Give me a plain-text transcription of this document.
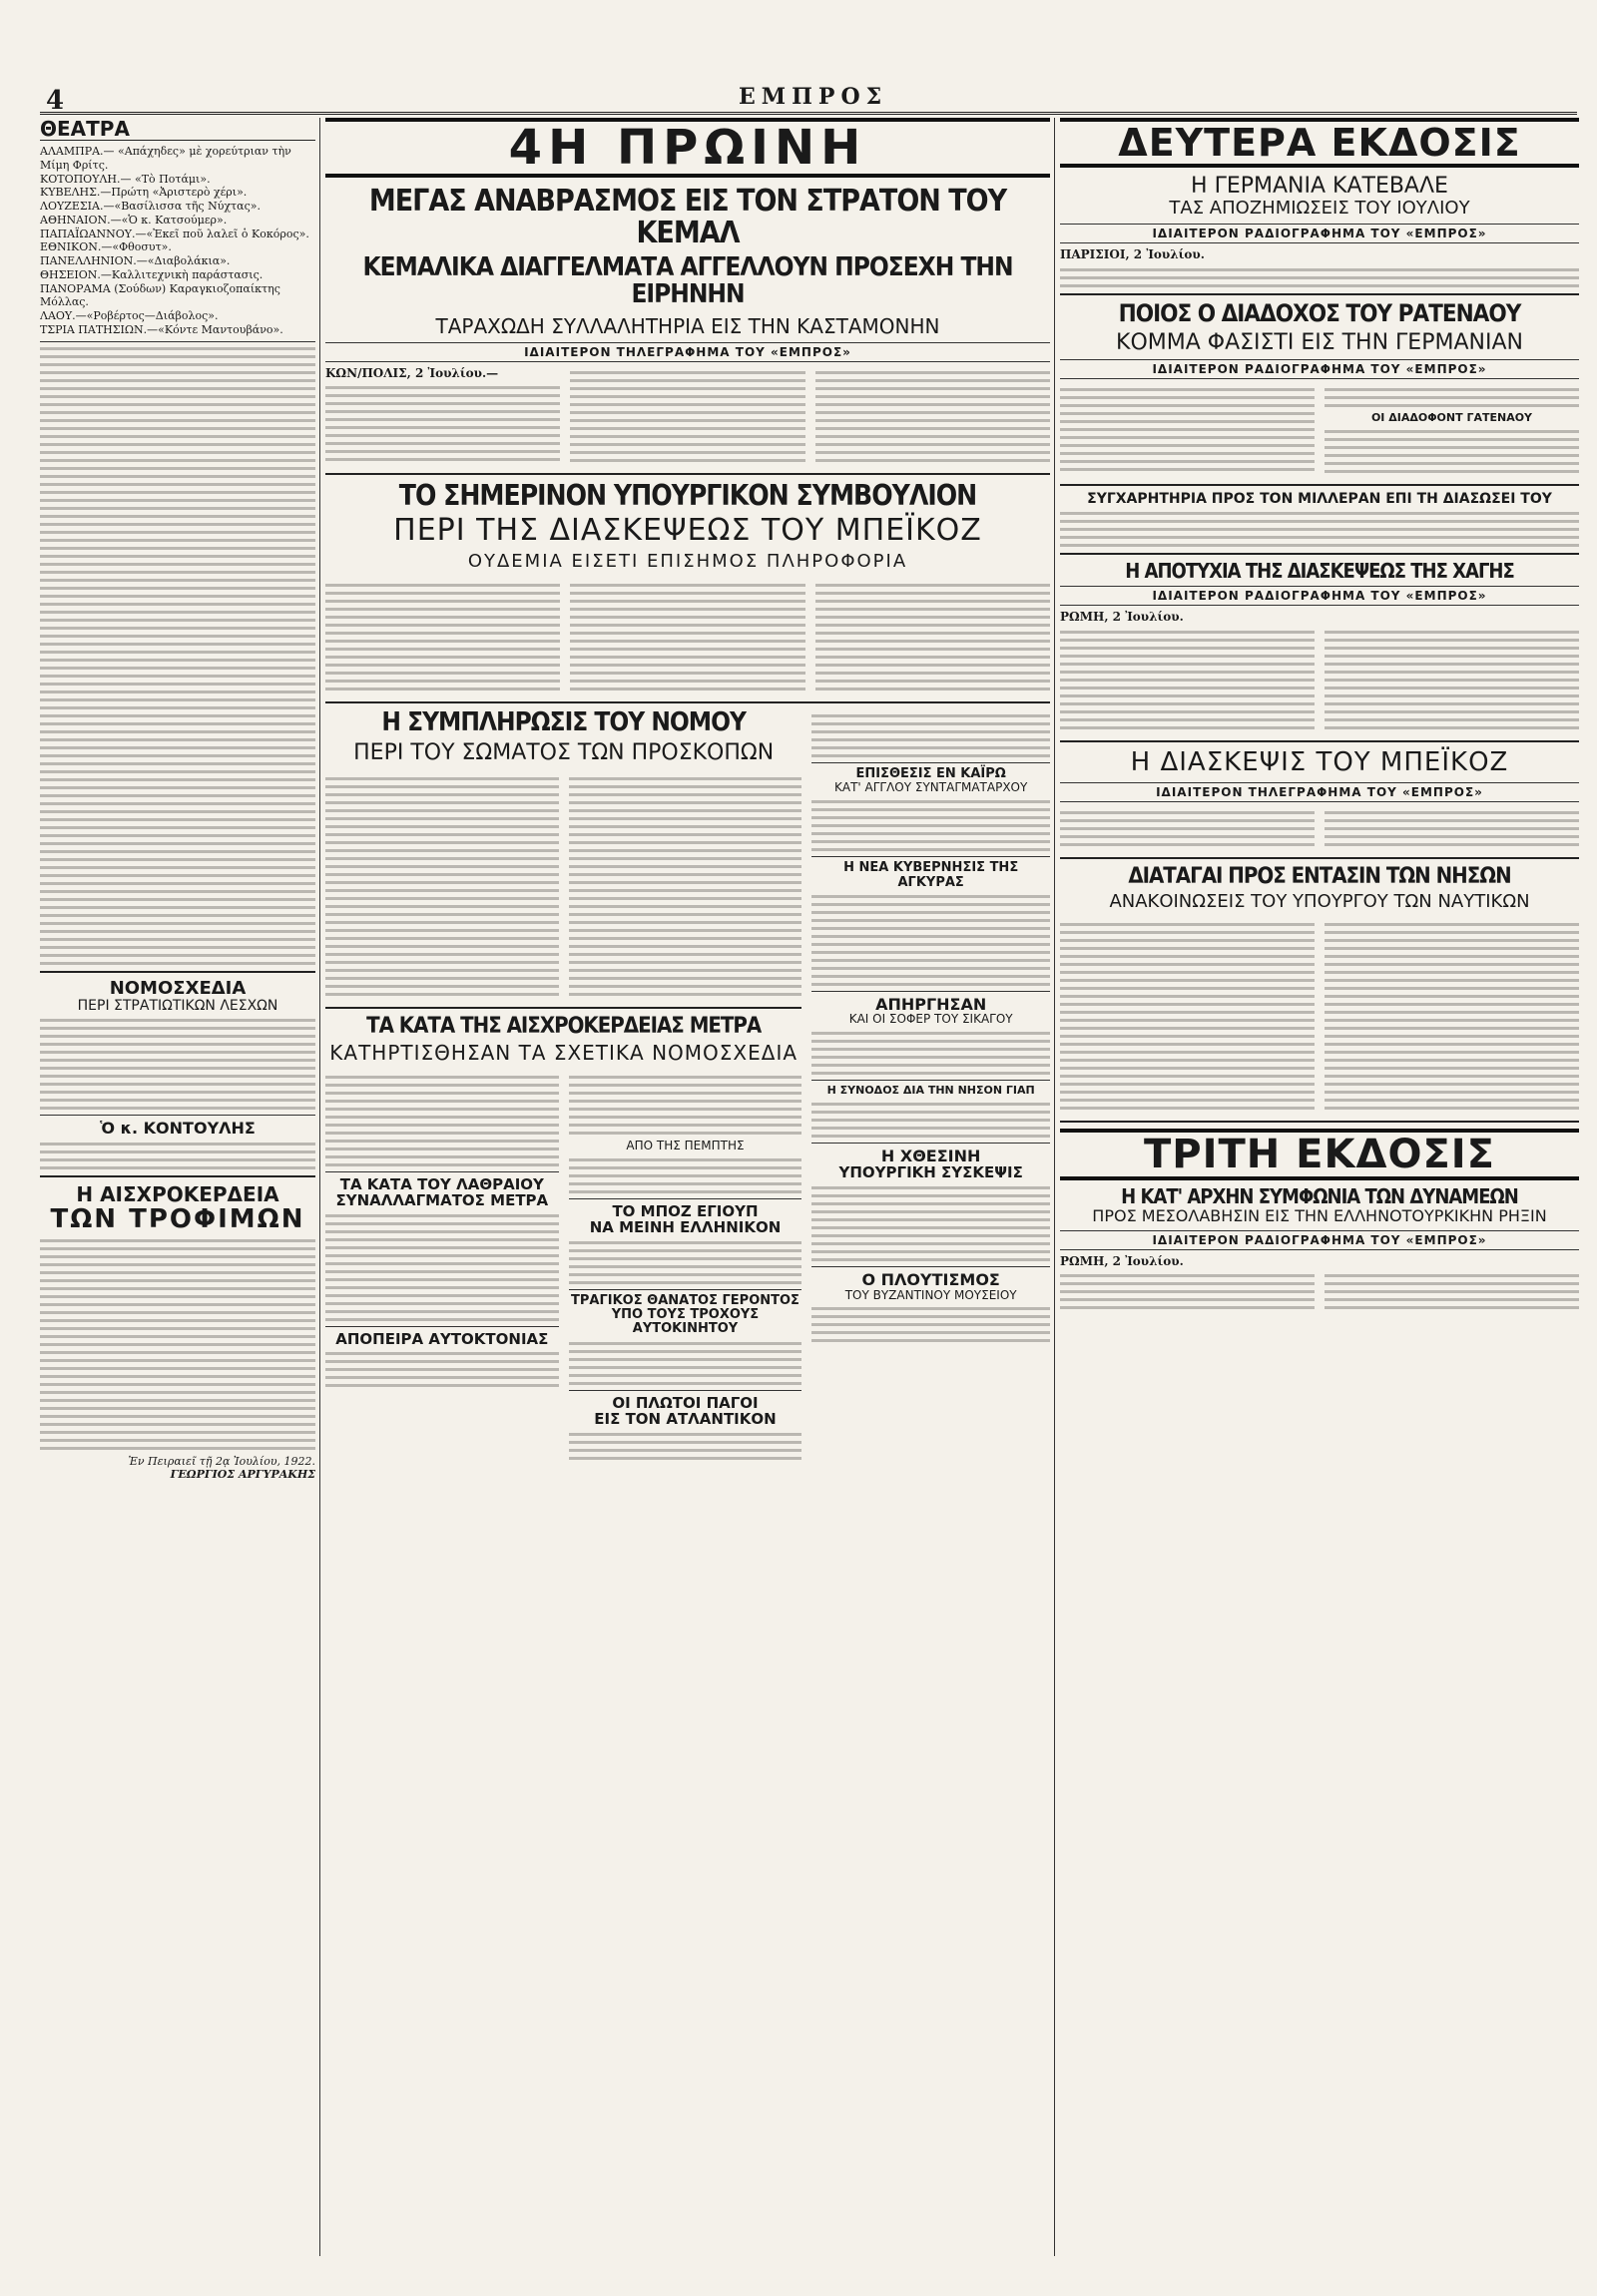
4	ΕΜΠΡΟΣ
ΘΕΑΤΡΑ
ΑΛΑΜΠΡΑ.— «Απάχηδες» μὲ χορεύτριαν τὴν Μίμη Φρίτς.
ΚΟΤΟΠΟΥΛΗ.— «Τὸ Ποτάμι».
ΚΥΒΕΛΗΣ.—Πρώτη «Ἀριστερὸ χέρι».
ΛΟΥΖΕΣΙΑ.—«Βασίλισσα τῆς Νύχτας».
ΑΘΗΝΑΙΟΝ.—«Ὁ κ. Κατσούμερ».
ΠΑΠΑΪΩΑΝΝΟΥ.—«Ἐκεῖ ποῦ λαλεῖ ὁ Κοκόρος».
ΕΘΝΙΚΟΝ.—«Φθοσυτ».
ΠΑΝΕΛΛΗΝΙΟΝ.—«Διαβολάκια».
ΘΗΣΕΙΟΝ.—Καλλιτεχνικὴ παράστασις.
ΠΑΝΟΡΑΜΑ (Σούδων) Καραγκιοζοπαίκτης Μόλλας.
ΛΑΟΥ.—«Ροβέρτος—Διάβολος».
ΤΣΡΙΑ ΠΑΤΗΣΙΩΝ.—«Κόντε Μαντουβάνο».
ΝΟΜΟΣΧΕΔΙΑ
ΠΕΡΙ ΣΤΡΑΤΙΩΤΙΚΩΝ ΛΕΣΧΩΝ
Ὁ κ. ΚΟΝΤΟΥΛΗΣ
Η ΑΙΣΧΡΟΚΕΡΔΕΙΑ
ΤΩΝ ΤΡΟΦΙΜΩΝ
Ἐν Πειραιεῖ τῇ 2ᾳ Ἰουλίου, 1922.
ΓΕΩΡΓΙΟΣ ΑΡΓΥΡΑΚΗΣ
4Η ΠΡΩΙΝΗ
ΜΕΓΑΣ ΑΝΑΒΡΑΣΜΟΣ ΕΙΣ ΤΟΝ ΣΤΡΑΤΟΝ ΤΟΥ ΚΕΜΑΛ
ΚΕΜΑΛΙΚΑ ΔΙΑΓΓΕΛΜΑΤΑ ΑΓΓΕΛΛΟΥΝ ΠΡΟΣΕΧΗ ΤΗΝ ΕΙΡΗΝΗΝ
ΤΑΡΑΧΩΔΗ ΣΥΛΛΑΛΗΤΗΡΙΑ ΕΙΣ ΤΗΝ ΚΑΣΤΑΜΟΝΗΝ
ΙΔΙΑΙΤΕΡΟΝ ΤΗΛΕΓΡΑΦΗΜΑ ΤΟΥ «ΕΜΠΡΟΣ»
ΚΩΝ/ΠΟΛΙΣ, 2 Ἰουλίου.—
ΤΟ ΣΗΜΕΡΙΝΟΝ ΥΠΟΥΡΓΙΚΟΝ ΣΥΜΒΟΥΛΙΟΝ
ΠΕΡΙ ΤΗΣ ΔΙΑΣΚΕΨΕΩΣ ΤΟΥ ΜΠΕΪΚΟΖ
ΟΥΔΕΜΙΑ ΕΙΣΕΤΙ ΕΠΙΣΗΜΟΣ ΠΛΗΡΟΦΟΡΙΑ
Η ΣΥΜΠΛΗΡΩΣΙΣ ΤΟΥ ΝΟΜΟΥ
ΠΕΡΙ ΤΟΥ ΣΩΜΑΤΟΣ ΤΩΝ ΠΡΟΣΚΟΠΩΝ
ΤΑ ΚΑΤΑ ΤΗΣ ΑΙΣΧΡΟΚΕΡΔΕΙΑΣ ΜΕΤΡΑ
ΚΑΤΗΡΤΙΣΘΗΣΑΝ ΤΑ ΣΧΕΤΙΚΑ ΝΟΜΟΣΧΕΔΙΑ
ΤΑ ΚΑΤΑ ΤΟΥ ΛΑΘΡΑΙΟΥ
ΣΥΝΑΛΛΑΓΜΑΤΟΣ ΜΕΤΡΑ
ΑΠΟΠΕΙΡΑ ΑΥΤΟΚΤΟΝΙΑΣ
ΑΠΟ ΤΗΣ ΠΕΜΠΤΗΣ
ΤΟ ΜΠΟΖ ΕΓΙΟΥΠ
ΝΑ ΜΕΙΝΗ ΕΛΛΗΝΙΚΟΝ
ΤΡΑΓΙΚΟΣ ΘΑΝΑΤΟΣ ΓΕΡΟΝΤΟΣ
ΥΠΟ ΤΟΥΣ ΤΡΟΧΟΥΣ ΑΥΤΟΚΙΝΗΤΟΥ
ΟΙ ΠΛΩΤΟΙ ΠΑΓΟΙ
ΕΙΣ ΤΟΝ ΑΤΛΑΝΤΙΚΟΝ
ΕΠΙΣΘΕΣΙΣ ΕΝ ΚΑΪΡΩ
ΚΑΤ' ΑΓΓΛΟΥ ΣΥΝΤΑΓΜΑΤΑΡΧΟΥ
Η ΝΕΑ ΚΥΒΕΡΝΗΣΙΣ ΤΗΣ ΑΓΚΥΡΑΣ
ΑΠΗΡΓΗΣΑΝ
ΚΑΙ ΟΙ ΣΟΦΕΡ ΤΟΥ ΣΙΚΑΓΟΥ
Η ΣΥΝΟΔΟΣ ΔΙΑ ΤΗΝ ΝΗΣΟΝ ΓΙΑΠ
Η ΧΘΕΣΙΝΗ
ΥΠΟΥΡΓΙΚΗ ΣΥΣΚΕΨΙΣ
Ο ΠΛΟΥΤΙΣΜΟΣ
ΤΟΥ ΒΥΖΑΝΤΙΝΟΥ ΜΟΥΣΕΙΟΥ
ΔΕΥΤΕΡΑ ΕΚΔΟΣΙΣ
Η ΓΕΡΜΑΝΙΑ ΚΑΤΕΒΑΛΕ
ΤΑΣ ΑΠΟΖΗΜΙΩΣΕΙΣ ΤΟΥ ΙΟΥΛΙΟΥ
ΙΔΙΑΙΤΕΡΟΝ ΡΑΔΙΟΓΡΑΦΗΜΑ ΤΟΥ «ΕΜΠΡΟΣ»
ΠΑΡΙΣΙΟΙ, 2 Ἰουλίου.
ΠΟΙΟΣ Ο ΔΙΑΔΟΧΟΣ ΤΟΥ ΡΑΤΕΝΑΟΥ
ΚΟΜΜΑ ΦΑΣΙΣΤΙ ΕΙΣ ΤΗΝ ΓΕΡΜΑΝΙΑΝ
ΙΔΙΑΙΤΕΡΟΝ ΡΑΔΙΟΓΡΑΦΗΜΑ ΤΟΥ «ΕΜΠΡΟΣ»
ΟΙ ΔΙΑΔΟΦΟΝΤ ΓΑΤΕΝΑΟΥ
ΣΥΓΧΑΡΗΤΗΡΙΑ ΠΡΟΣ ΤΟΝ ΜΙΛΛΕΡΑΝ ΕΠΙ ΤΗ ΔΙΑΣΩΣΕΙ ΤΟΥ
Η ΑΠΟΤΥΧΙΑ ΤΗΣ ΔΙΑΣΚΕΨΕΩΣ ΤΗΣ ΧΑΓΗΣ
ΙΔΙΑΙΤΕΡΟΝ ΡΑΔΙΟΓΡΑΦΗΜΑ ΤΟΥ «ΕΜΠΡΟΣ»
ΡΩΜΗ, 2 Ἰουλίου.
Η ΔΙΑΣΚΕΨΙΣ ΤΟΥ ΜΠΕΪΚΟΖ
ΙΔΙΑΙΤΕΡΟΝ ΤΗΛΕΓΡΑΦΗΜΑ ΤΟΥ «ΕΜΠΡΟΣ»
ΔΙΑΤΑΓΑΙ ΠΡΟΣ ΕΝΤΑΣΙΝ ΤΩΝ ΝΗΣΩΝ
ΑΝΑΚΟΙΝΩΣΕΙΣ ΤΟΥ ΥΠΟΥΡΓΟΥ ΤΩΝ ΝΑΥΤΙΚΩΝ
ΤΡΙΤΗ ΕΚΔΟΣΙΣ
Η ΚΑΤ' ΑΡΧΗΝ ΣΥΜΦΩΝΙΑ ΤΩΝ ΔΥΝΑΜΕΩΝ
ΠΡΟΣ ΜΕΣΟΛΑΒΗΣΙΝ ΕΙΣ ΤΗΝ ΕΛΛΗΝΟΤΟΥΡΚΙΚΗΝ ΡΗΞΙΝ
ΙΔΙΑΙΤΕΡΟΝ ΡΑΔΙΟΓΡΑΦΗΜΑ ΤΟΥ «ΕΜΠΡΟΣ»
ΡΩΜΗ, 2 Ἰουλίου.
